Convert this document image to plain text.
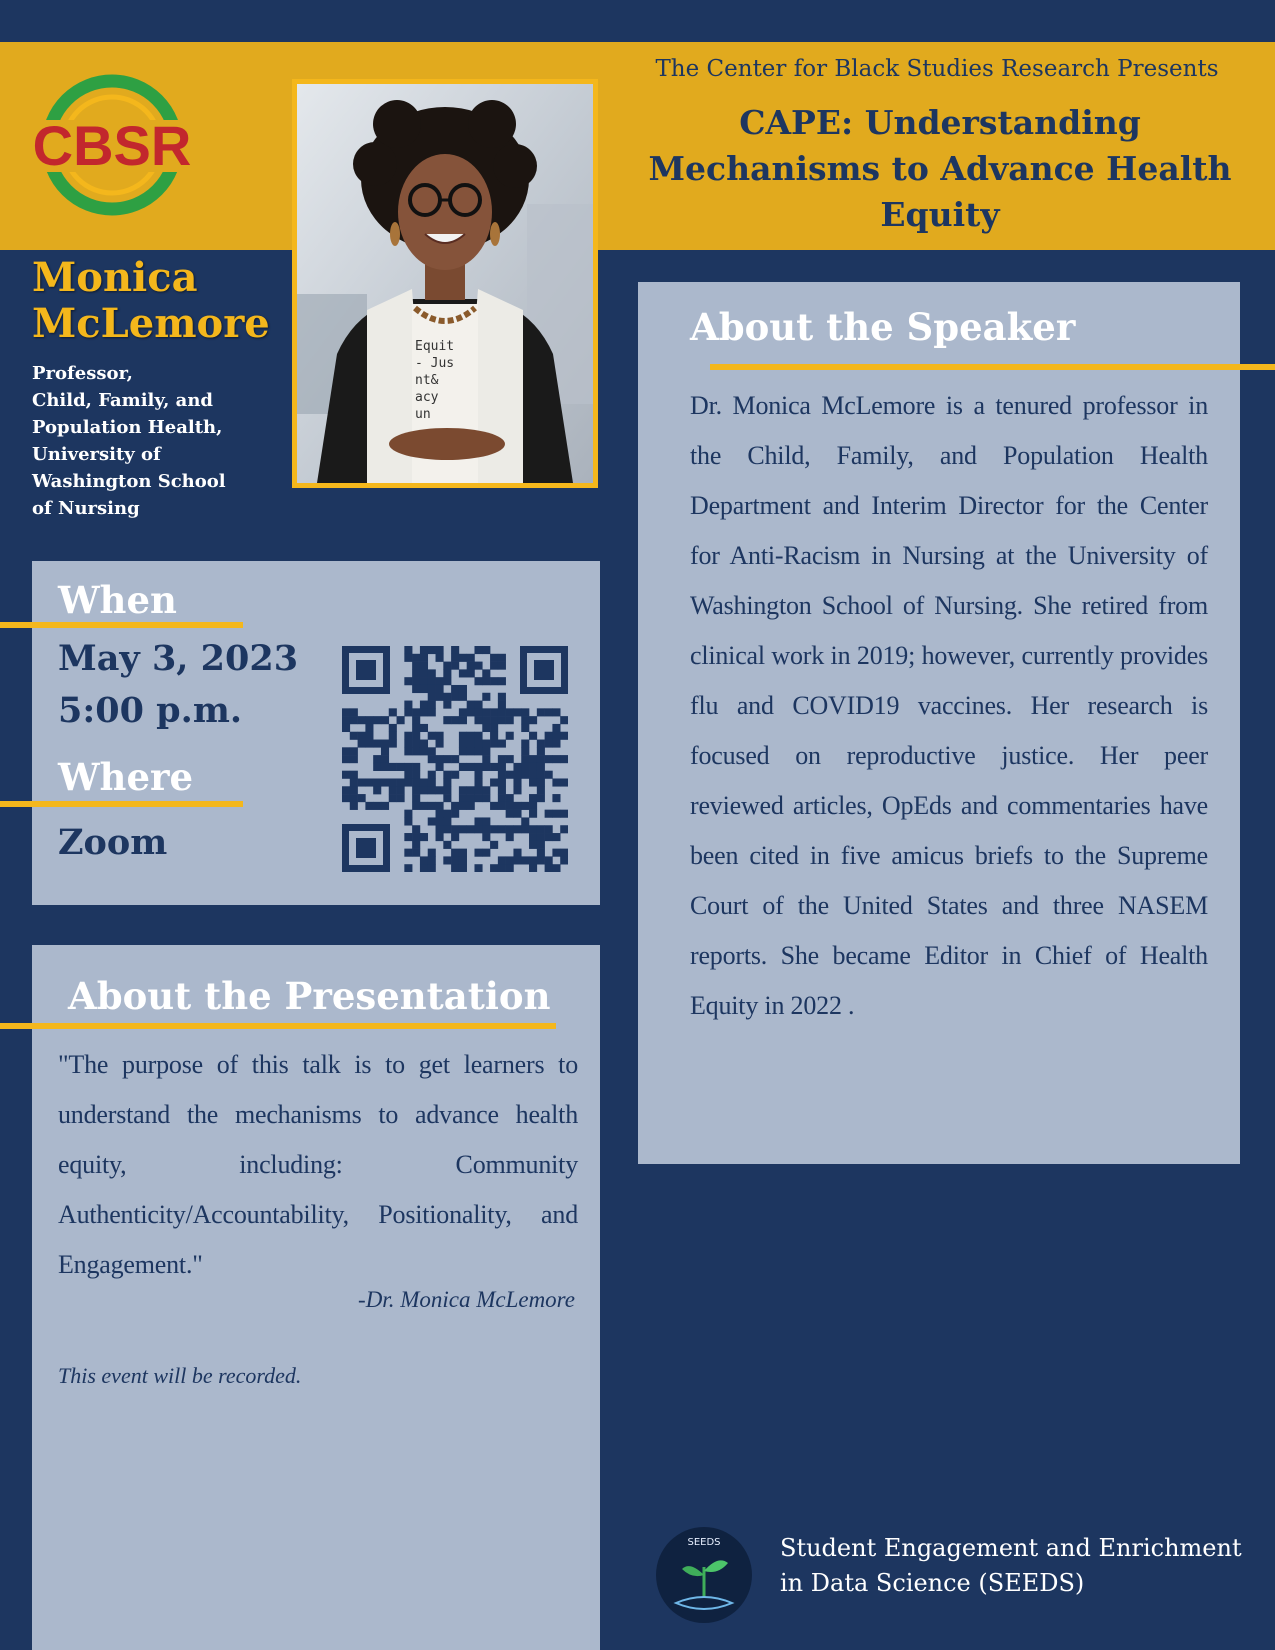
CBSR
Equit - Jus nt& acy un
The Center for Black Studies Research Presents
CAPE: Understanding Mechanisms to Advance Health Equity
Monica McLemore
Professor,
Child, Family, and
Population Health,
University of
Washington School
of Nursing
When
May 3, 2023
5:00 p.m.
Where
Zoom
About the Presentation
"The purpose of this talk is to get learners to understand the mechanisms to advance health equity, including: Community Authenticity/Accountability, Positionality, and Engagement."
-Dr. Monica McLemore
This event will be recorded.
About the Speaker
Dr. Monica McLemore is a tenured professor in the Child, Family, and Population Health Department and Interim Director for the Center for Anti-Racism in Nursing at the University of Washington School of Nursing. She retired from clinical work in 2019; however, currently provides flu and COVID19 vaccines. Her research is focused on reproductive justice. Her peer reviewed articles, OpEds and commentaries have been cited in five amicus briefs to the Supreme Court of the United States and three NASEM reports. She became Editor in Chief of Health Equity in 2022 .
SEEDS Student Engagement and Enrichment in Data Science (SEEDS)
